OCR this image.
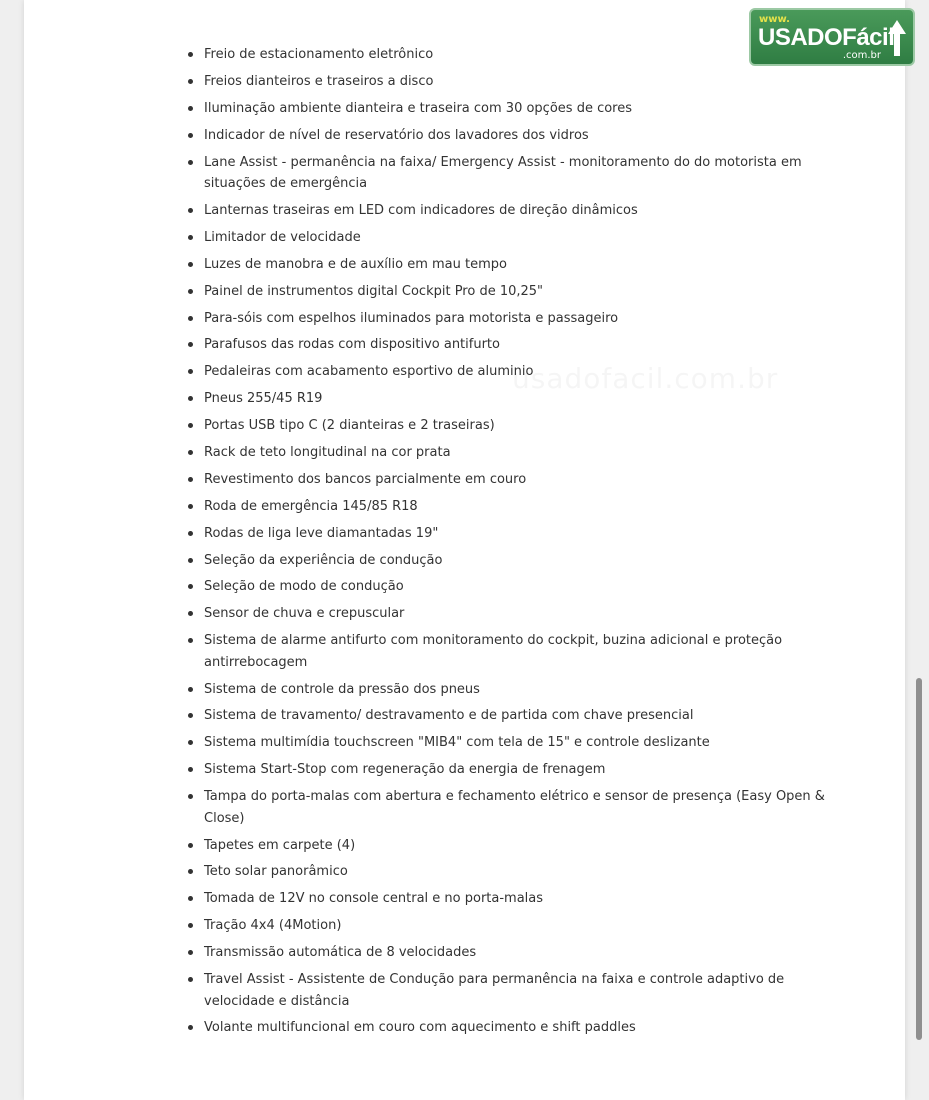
Freio de estacionamento eletrônico
Freios dianteiros e traseiros a disco
Iluminação ambiente dianteira e traseira com 30 opções de cores
Indicador de nível de reservatório dos lavadores dos vidros
Lane Assist - permanência na faixa/ Emergency Assist - monitoramento do do motorista em situações de emergência
Lanternas traseiras em LED com indicadores de direção dinâmicos
Limitador de velocidade
Luzes de manobra e de auxílio em mau tempo
Painel de instrumentos digital Cockpit Pro de 10,25"
Para-sóis com espelhos iluminados para motorista e passageiro
Parafusos das rodas com dispositivo antifurto
Pedaleiras com acabamento esportivo de aluminio
Pneus 255/45 R19
Portas USB tipo C (2 dianteiras e 2 traseiras)
Rack de teto longitudinal na cor prata
Revestimento dos bancos parcialmente em couro
Roda de emergência 145/85 R18
Rodas de liga leve diamantadas 19"
Seleção da experiência de condução
Seleção de modo de condução
Sensor de chuva e crepuscular
Sistema de alarme antifurto com monitoramento do cockpit, buzina adicional e proteção antirrebocagem
Sistema de controle da pressão dos pneus
Sistema de travamento/ destravamento e de partida com chave presencial
Sistema multimídia touchscreen "MIB4" com tela de 15" e controle deslizante
Sistema Start-Stop com regeneração da energia de frenagem
Tampa do porta-malas com abertura e fechamento elétrico e sensor de presença (Easy Open & Close)
Tapetes em carpete (4)
Teto solar panorâmico
Tomada de 12V no console central e no porta-malas
Tração 4x4 (4Motion)
Transmissão automática de 8 velocidades
Travel Assist - Assistente de Condução para permanência na faixa e controle adaptivo de velocidade e distância
Volante multifuncional em couro com aquecimento e shift paddles
www.
USADOFácil
.com.br
